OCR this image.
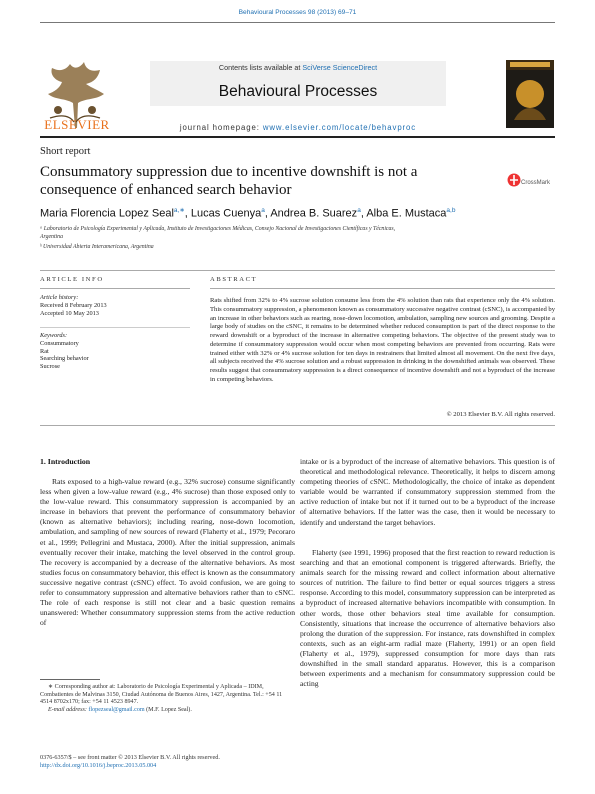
Behavioural Processes 98 (2013) 69–71
ELSEVIER
Contents lists available at SciVerse ScienceDirect
Behavioural Processes
journal homepage: www.elsevier.com/locate/behavproc
Short report
Consummatory suppression due to incentive downshift is not a
consequence of enhanced search behavior	CrossMark
Maria Florencia Lopez Seal$^{a,∗}$, Lucas Cuenya$^a$, Andrea B. Suarez$^a$, Alba E. Mustaca$^{a,b}$
ᵃ Laboratorio de Psicología Experimental y Aplicada, Instituto de Investigaciones Médicas, Consejo Nacional de Investigaciones Científicas y Técnicas,
Argentina
ᵇ Universidad Abierta Interamericana, Argentina
ARTICLE INFO	ABSTRACT
Article history:
Received 8 February 2013
Accepted 10 May 2013
Keywords:
Consummatory
Rat
Searching behavior
Sucrose
Rats shifted from 32% to 4% sucrose solution consume less from the 4% solution than rats that experience only the 4% solution. This consummatory suppression, a phenomenon known as consummatory successive negative contrast (cSNC), is accompanied by an increase in other behaviors such as rearing, nose-down locomotion, ambulation, sampling new sources and grooming. Despite a large body of studies on the cSNC, it remains to be determined whether reduced consumption is part of the direct response to the reward downshift or a byproduct of the increase in alternative competing behaviors. The objective of the present study was to determine if consummatory suppression would occur when most competing behaviors are prevented from occurring. Rats were trained either with 32% or 4% sucrose solution for ten days in restrainers that limited almost all movement. On the next five days, all subjects received the 4% sucrose solution and a robust suppression in drinking in the downshifted animals was observed. These results suggest that consummatory suppression is a direct consequence of incentive downshift and not a byproduct of the increase in competing behaviors.
© 2013 Elsevier B.V. All rights reserved.
1. Introduction
Rats exposed to a high-value reward (e.g., 32% sucrose) consume significantly less when given a low-value reward (e.g., 4% sucrose) than those exposed only to the low-value reward. This consummatory suppression is accompanied by an increase in behaviors that prevent the performance of consummatory behavior (known as alternative behaviors); including rearing, nose-down locomotion, ambulation, and sampling of new sources of reward (Flaherty et al., 1979; Pecoraro et al., 1999; Pellegrini and Mustaca, 2000). After the initial suppression, animals eventually recover their intake, matching the level observed in the control group. The recovery is accompanied by a decrease of the alternative behaviors. As most studies focus on consummatory behavior, this effect is known as the consummatory successive negative contrast (cSNC) effect. To avoid confusion, we are going to refer to consummatory suppression and alternative behaviors rather than to cSNC. The role of each response is still not clear and a basic question remains unanswered: Whether consummatory suppression stems from the active reduction of
intake or is a byproduct of the increase of alternative behaviors. This question is of theoretical and methodological relevance. Theoretically, it helps to discern among competing theories of cSNC. Methodologically, the choice of intake as dependent variable would be warranted if consummatory suppression stemmed from the active reduction of intake but not if it turned out to be a byproduct of the increase of alternative behaviors. If the latter was the case, then it would be necessary to identify and understand the target behaviors.
Flaherty (see 1991, 1996) proposed that the first reaction to reward reduction is searching and that an emotional component is triggered afterwards. Briefly, the animals search for the missing reward and collect information about alternative sources of nutrition. The failure to find better or equal sources triggers a stress response. According to this model, consummatory suppression can be interpreted as a byproduct of increased alternative behaviors incompatible with consumption. In other words, those other behaviors steal time available for consumption. Consistently, situations that increase the occurrence of alternative behaviors also prolong the duration of the suppression. For instance, rats downshifted in complex contexts, such as an eight-arm radial maze (Flaherty, 1991) or an open field (Flaherty et al., 1979), suppressed consumption for more days than rats downshifted in the small standard apparatus. However, this is a comparison between experiments and a mechanism for consummatory suppression could be acting
∗ Corresponding author at: Laboratorio de Psicología Experimental y Aplicada – IDIM, Combatientes de Malvinas 3150, Ciudad Autónoma de Buenos Aires, 1427, Argentina. Tel.: +54 11 4514 8702x170; fax: +54 11 4523 8947.
E-mail address: flopezseal@gmail.com (M.F. Lopez Seal).
0376-6357/$ – see front matter © 2013 Elsevier B.V. All rights reserved.
http://dx.doi.org/10.1016/j.beproc.2013.05.004
